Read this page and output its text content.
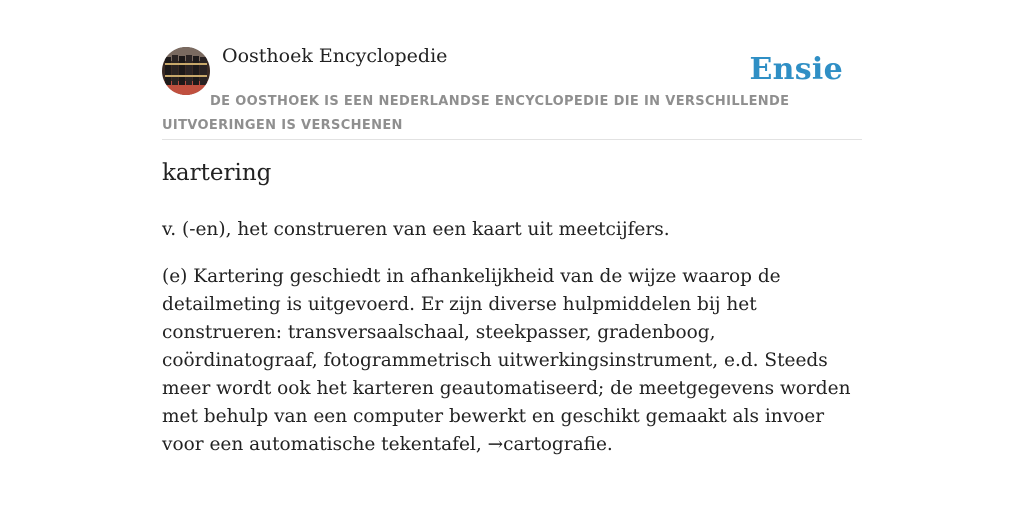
Oosthoek Encyclopedie	Ensie
DE OOSTHOEK IS EEN NEDERLANDSE ENCYCLOPEDIE DIE IN VERSCHILLENDE UITVOERINGEN IS VERSCHENEN
kartering

v. (-en), het construeren van een kaart uit meetcijfers.

(e) Kartering geschiedt in afhankelijkheid van de wijze waarop de detailmeting is uitgevoerd. Er zijn diverse hulpmiddelen bij het construeren: transversaalschaal, steekpasser, gradenboog, coördinatograaf, fotogrammetrisch uitwerkingsinstrument, e.d. Steeds meer wordt ook het karteren geautomatiseerd; de meetgegevens worden met behulp van een computer bewerkt en geschikt gemaakt als invoer voor een automatische tekentafel, →cartografie.
